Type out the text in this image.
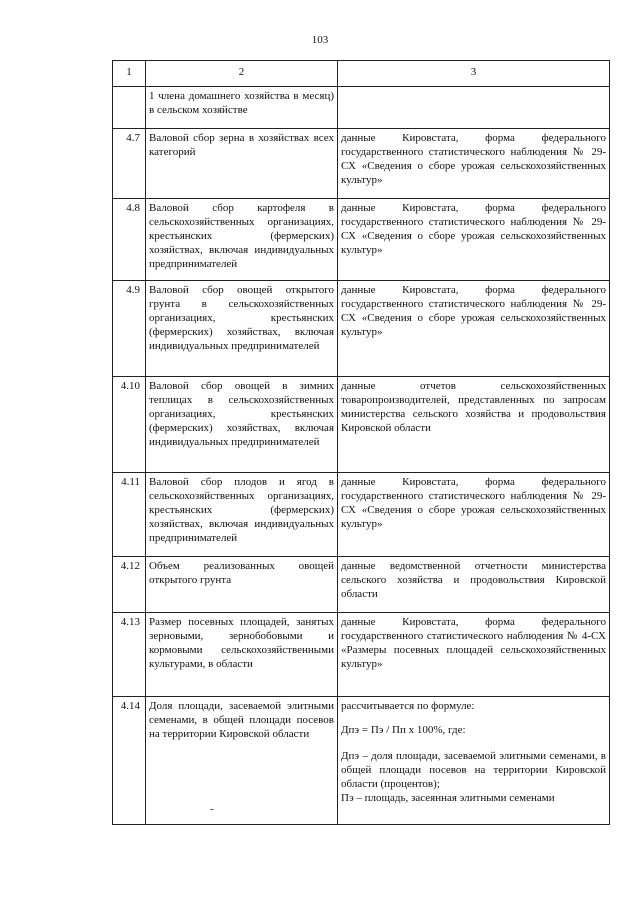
103
1	2	3
	1 члена домашнего хозяйства в месяц) в сельском хозяйстве	
4.7	Валовой сбор зерна в хозяйствах всех категорий	данные Кировстата, форма федерального государственного статистического наблюдения № 29-СХ «Сведения о сборе урожая сельскохозяйственных культур»
4.8	Валовой сбор картофеля в сельскохозяйственных организациях, крестьянских (фермерских) хозяйствах, включая индивидуальных предпринимателей	данные Кировстата, форма федерального государственного статистического наблюдения № 29-СХ «Сведения о сборе урожая сельскохозяйственных культур»
4.9	Валовой сбор овощей открытого грунта в сельскохозяйственных организациях, крестьянских (фермерских) хозяйствах, включая индивидуальных предпринимателей	данные Кировстата, форма федерального государственного статистического наблюдения № 29-СХ «Сведения о сборе урожая сельскохозяйственных культур»
4.10	Валовой сбор овощей в зимних теплицах в сельскохозяйственных организациях, крестьянских (фермерских) хозяйствах, включая индивидуальных предпринимателей	данные отчетов сельскохозяйственных товаропроизводителей, представленных по запросам министерства сельского хозяйства и продовольствия Кировской области
4.11	Валовой сбор плодов и ягод в сельскохозяйственных организациях, крестьянских (фермерских) хозяйствах, включая индивидуальных предпринимателей	данные Кировстата, форма федерального государственного статистического наблюдения № 29-СХ «Сведения о сборе урожая сельскохозяйственных культур»
4.12	Объем реализованных овощей открытого грунта	данные ведомственной отчетности министерства сельского хозяйства и продовольствия Кировской области
4.13	Размер посевных площадей, занятых зерновыми, зернобобовыми и кормовыми сельскохозяйственными культурами, в области	данные Кировстата, форма федерального государственного статистического наблюдения № 4-СХ «Размеры посевных площадей сельскохозяйственных культур»
4.14	Доля площади, засеваемой элитными семенами, в общей площади посевов на территории Кировской области	рассчитывается по формуле:
Дпэ = Пэ / Пп х 100%, где:
Дпэ – доля площади, засеваемой элитными семенами, в общей площади посевов на территории Кировской области (процентов);
Пэ – площадь, засеянная элитными семенами
-
